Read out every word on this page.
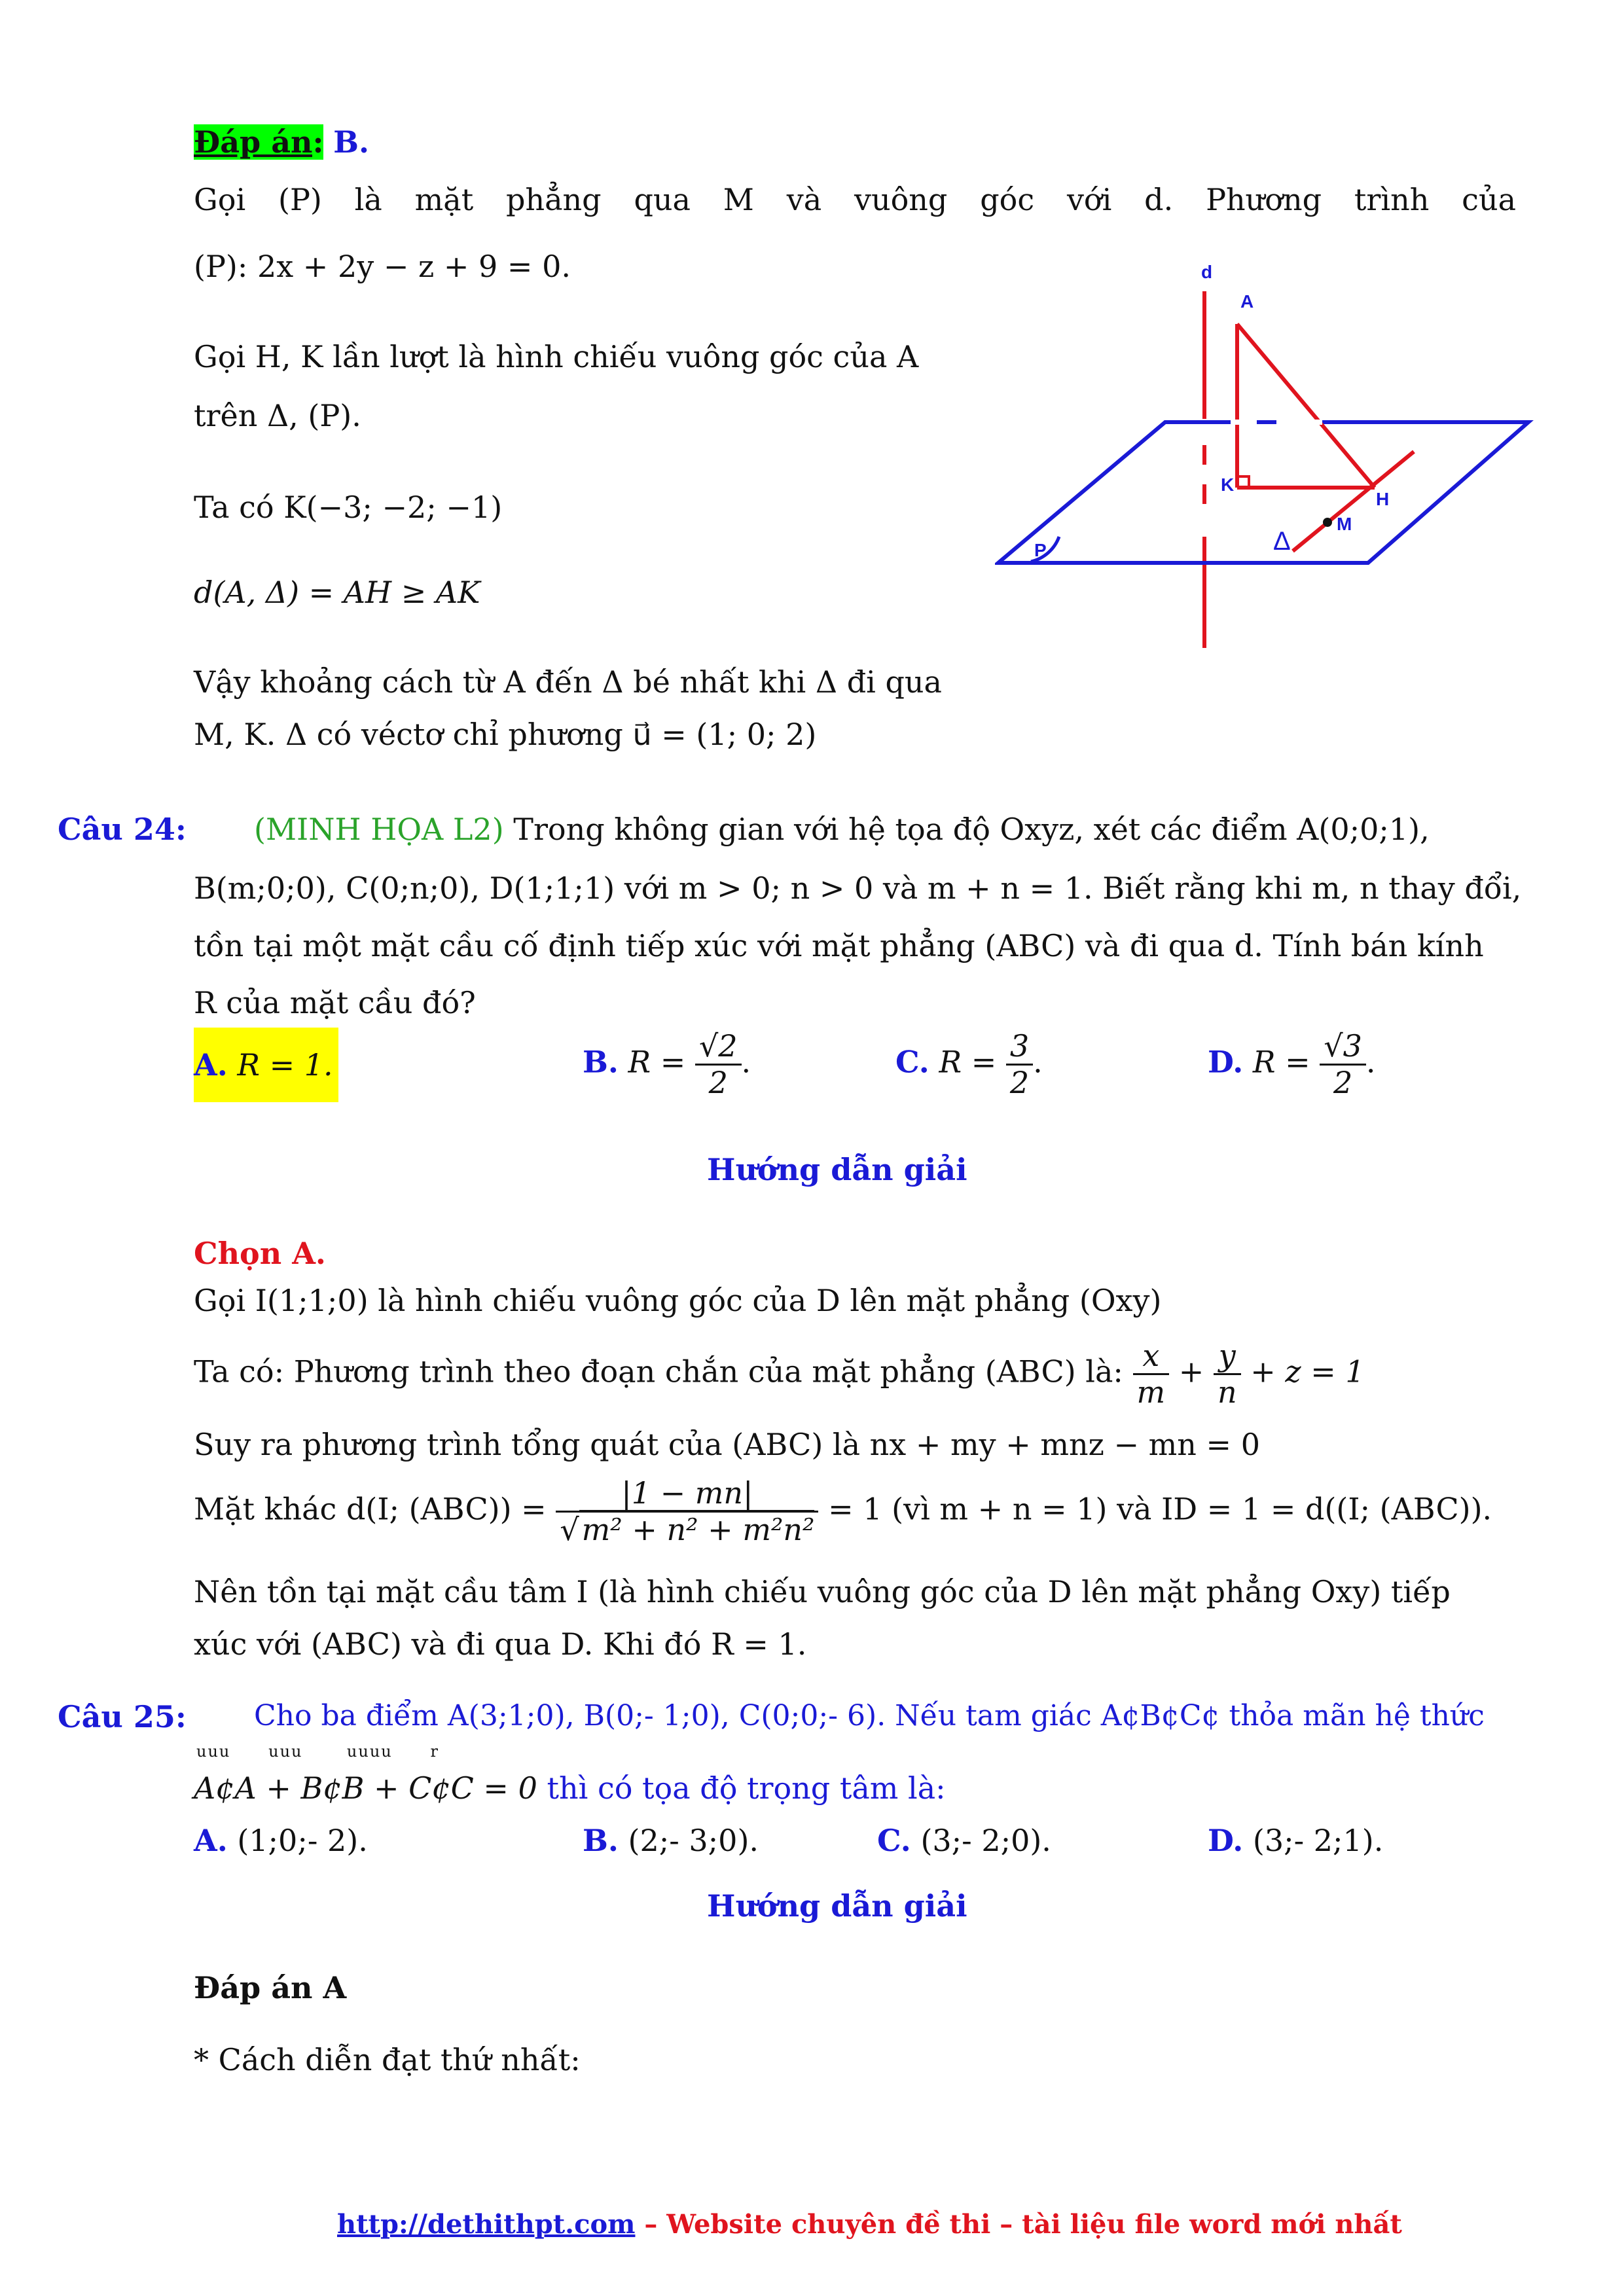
Đáp án: B.
Gọi (P) là mặt phẳng qua M và vuông góc với d. Phương trình của
(P): 2x + 2y − z + 9 = 0.
Gọi H, K lần lượt là hình chiếu vuông góc của A
trên Δ, (P).
Ta có K(−3; −2; −1)
d(A, Δ) = AH ≥ AK
Vậy khoảng cách từ A đến Δ bé nhất khi Δ đi qua
M, K. Δ có véctơ chỉ phương u⃗ = (1; 0; 2)
d
A
K
H
M
P	Δ
Câu 24: (MINH HỌA L2) Trong không gian với hệ tọa độ Oxyz, xét các điểm A(0;0;1),
B(m;0;0), C(0;n;0), D(1;1;1) với m > 0; n > 0 và m + n = 1. Biết rằng khi m, n thay đổi,
tồn tại một mặt cầu cố định tiếp xúc với mặt phẳng (ABC) và đi qua d. Tính bán kính
R của mặt cầu đó?
A. R = 1.	B. $R = \frac{√2}{2}$ .	C. $R = \frac{3}{2}$ .	D. $R = \frac{√3}{2}$ .
Hướng dẫn giải
Chọn A.
Gọi I(1;1;0) là hình chiếu vuông góc của D lên mặt phẳng (Oxy)
Ta có: Phương trình theo đoạn chắn của mặt phẳng (ABC) là: $\frac{x}{m} + \frac{y}{n} + z = 1$
Suy ra phương trình tổng quát của (ABC) là nx + my + mnz − mn = 0
Mặt khác d(I; $(ABC)) = \frac{|1 - mn|}{\text{√m² + n² + m²n²}} = 1$ (vì m + n = 1) và ID = 1 = d((I; (ABC)).
Nên tồn tại mặt cầu tâm I (là hình chiếu vuông góc của D lên mặt phẳng Oxy) tiếp
xúc với (ABC) và đi qua D. Khi đó R = 1.
Câu 25: Cho ba điểm A(3;1;0), B(0;- 1;0), C(0;0;- 6). Nếu tam giác A¢B¢C¢ thỏa mãn hệ thức
uuu      uuu       uuuu      r
A¢A + B¢B + C¢C = 0 thì có tọa độ trọng tâm là:
A. (1;0;- 2).	B. (2;- 3;0).	C. (3;- 2;0).	D. (3;- 2;1).
Hướng dẫn giải
Đáp án A
* Cách diễn đạt thứ nhất:
http://dethithpt.com – Website chuyên đề thi – tài liệu file word mới nhất
